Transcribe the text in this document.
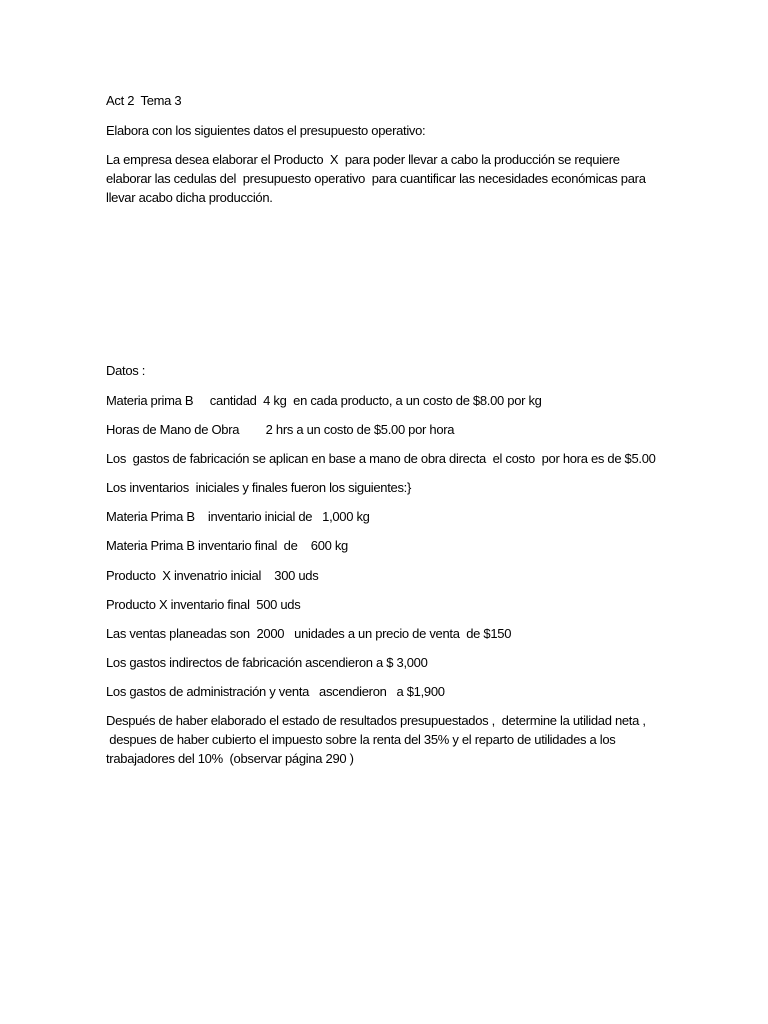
Act 2  Tema 3
Elabora con los siguientes datos el presupuesto operativo:
La empresa desea elaborar el Producto  X  para poder llevar a cabo la producción se requiere
elaborar las cedulas del  presupuesto operativo  para cuantificar las necesidades económicas para
llevar acabo dicha producción.
Datos :
Materia prima B     cantidad  4 kg  en cada producto, a un costo de $8.00 por kg
Horas de Mano de Obra        2 hrs a un costo de $5.00 por hora
Los  gastos de fabricación se aplican en base a mano de obra directa  el costo  por hora es de $5.00
Los inventarios  iniciales y finales fueron los siguientes:}
Materia Prima B    inventario inicial de   1,000 kg
Materia Prima B inventario final  de    600 kg
Producto  X invenatrio inicial    300 uds
Producto X inventario final  500 uds
Las ventas planeadas son  2000   unidades a un precio de venta  de $150
Los gastos indirectos de fabricación ascendieron a $ 3,000
Los gastos de administración y venta   ascendieron   a $1,900
Después de haber elaborado el estado de resultados presupuestados ,  determine la utilidad neta ,
despues de haber cubierto el impuesto sobre la renta del 35% y el reparto de utilidades a los
trabajadores del 10%  (observar página 290 )
